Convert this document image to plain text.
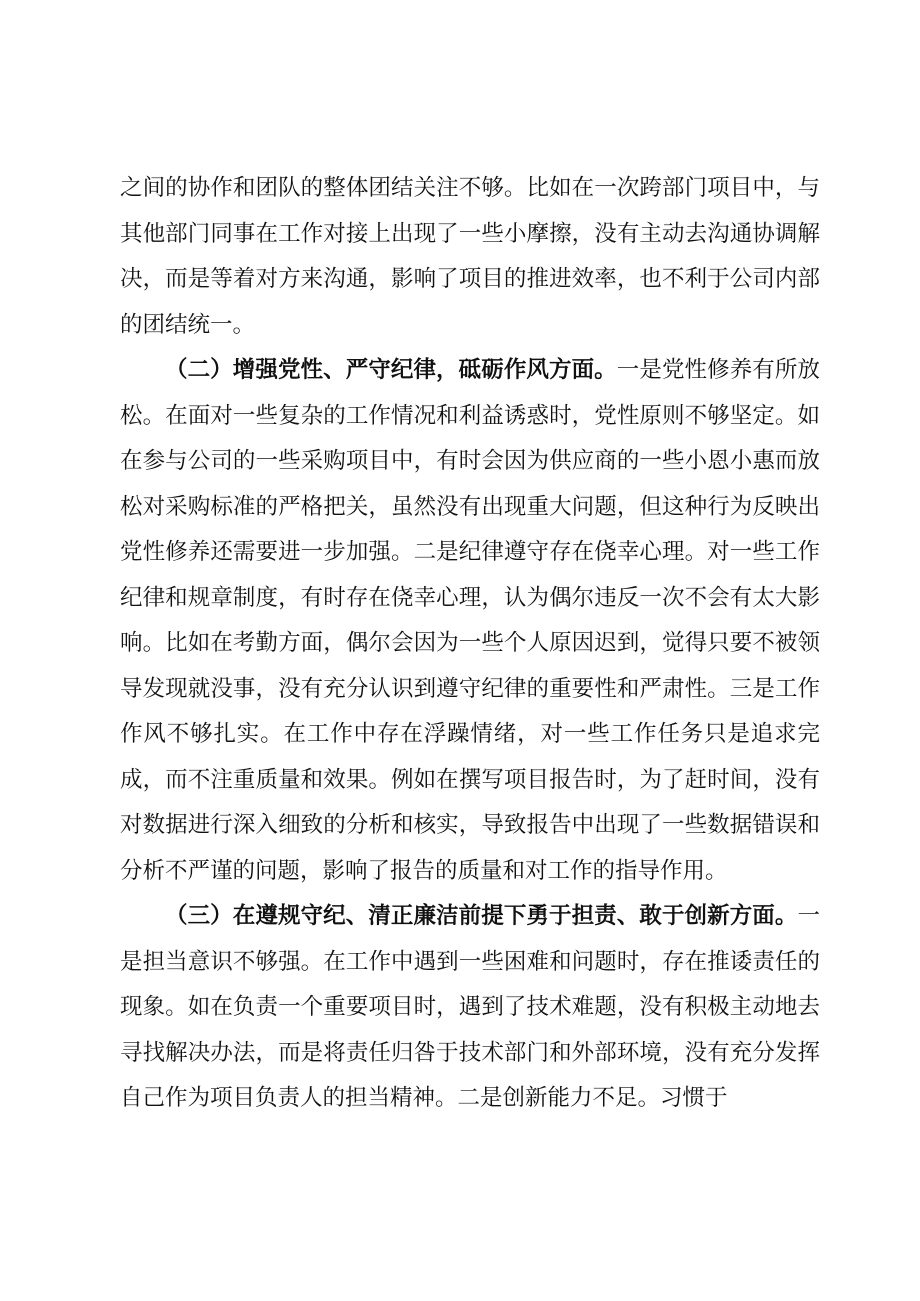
之间的协作和团队的整体团结关注不够。比如在一次跨部门项目中，与其他部门同事在工作对接上出现了一些小摩擦，没有主动去沟通协调解决，而是等着对方来沟通，影响了项目的推进效率，也不利于公司内部的团结统一。

（二）增强党性、严守纪律，砥砺作风方面。一是党性修养有所放松。在面对一些复杂的工作情况和利益诱惑时，党性原则不够坚定。如在参与公司的一些采购项目中，有时会因为供应商的一些小恩小惠而放松对采购标准的严格把关，虽然没有出现重大问题，但这种行为反映出党性修养还需要进一步加强。二是纪律遵守存在侥幸心理。对一些工作纪律和规章制度，有时存在侥幸心理，认为偶尔违反一次不会有太大影响。比如在考勤方面，偶尔会因为一些个人原因迟到，觉得只要不被领导发现就没事，没有充分认识到遵守纪律的重要性和严肃性。三是工作作风不够扎实。在工作中存在浮躁情绪，对一些工作任务只是追求完成，而不注重质量和效果。例如在撰写项目报告时，为了赶时间，没有对数据进行深入细致的分析和核实，导致报告中出现了一些数据错误和分析不严谨的问题，影响了报告的质量和对工作的指导作用。

（三）在遵规守纪、清正廉洁前提下勇于担责、敢于创新方面。一是担当意识不够强。在工作中遇到一些困难和问题时，存在推诿责任的现象。如在负责一个重要项目时，遇到了技术难题，没有积极主动地去寻找解决办法，而是将责任归咎于技术部门和外部环境，没有充分发挥自己作为项目负责人的担当精神。二是创新能力不足。习惯于
